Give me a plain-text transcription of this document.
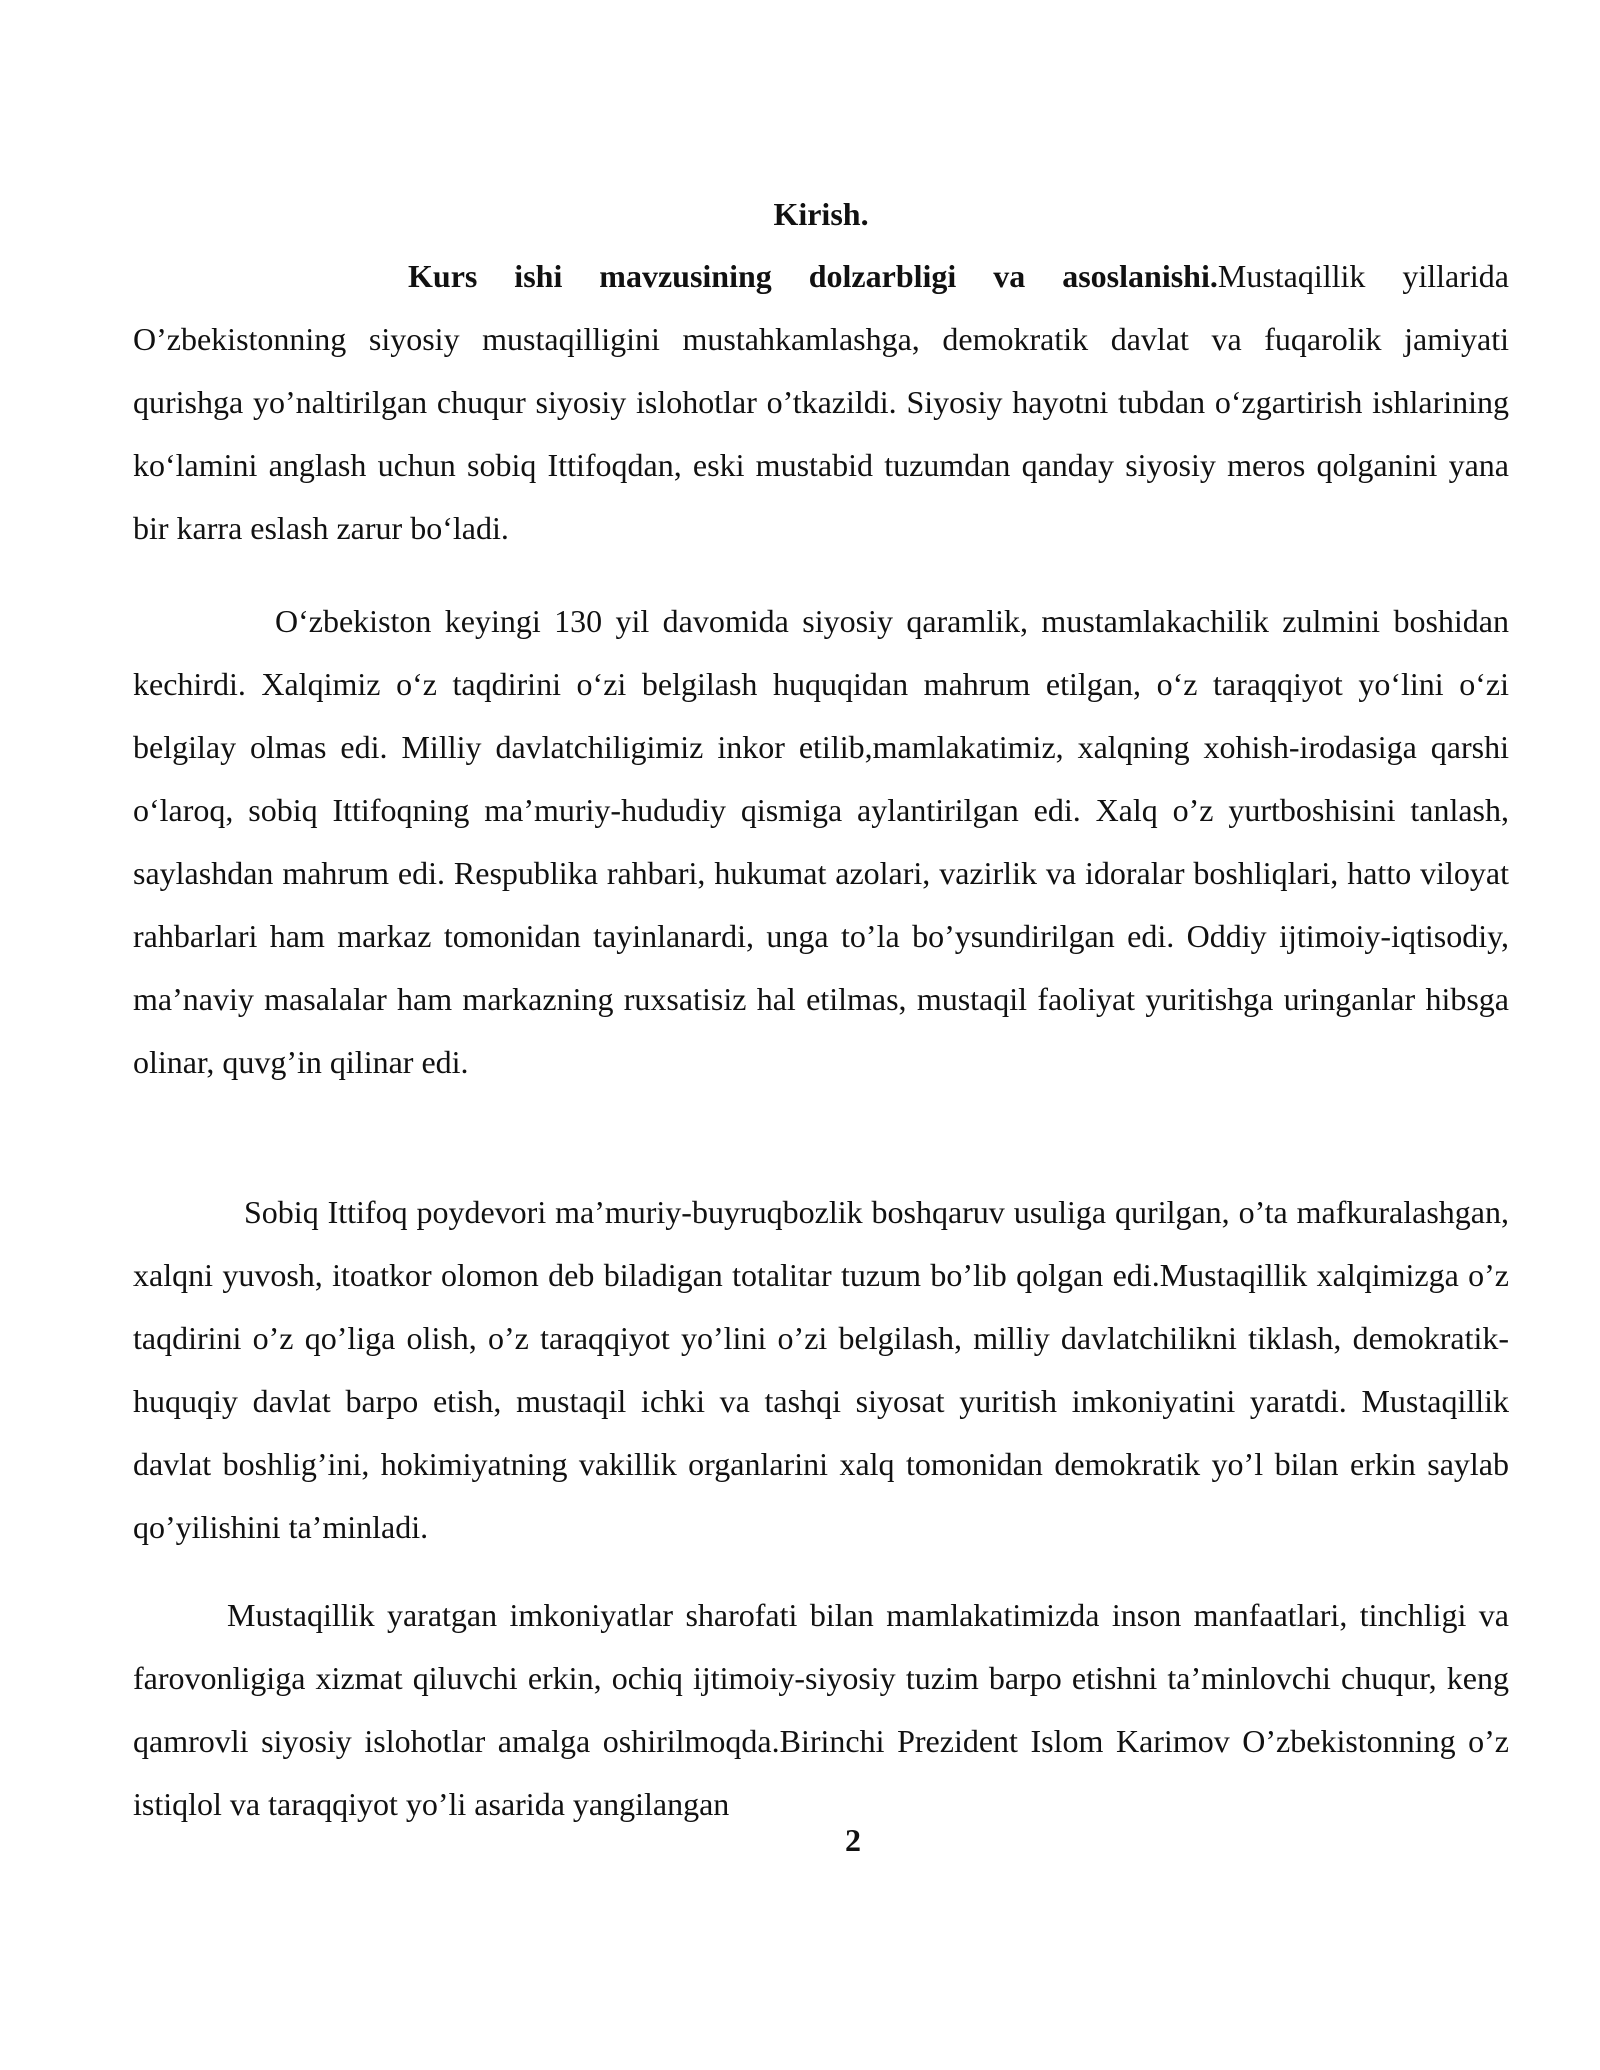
Kirish.

Kurs ishi mavzusining dolzarbligi va asoslanishi.Mustaqillik yillarida O’zbekistonning siyosiy mustaqilligini mustahkamlashga, demokratik davlat va fuqarolik jamiyati qurishga yo’naltirilgan chuqur siyosiy islohotlar o’tkazildi. Siyosiy hayotni tubdan o‘zgartirish ishlarining ko‘lamini anglash uchun sobiq Ittifoqdan, eski mustabid tuzumdan qanday siyosiy meros qolganini yana bir karra eslash zarur bo‘ladi.

O‘zbekiston keyingi 130 yil davomida siyosiy qaramlik, mustamlakachilik zulmini boshidan kechirdi. Xalqimiz o‘z taqdirini o‘zi belgilash huquqidan mahrum etilgan, o‘z taraqqiyot yo‘lini o‘zi belgilay olmas edi. Milliy davlatchiligimiz inkor etilib,mamlakatimiz, xalqning xohish-irodasiga qarshi o‘laroq, sobiq Ittifoqning ma’muriy-hududiy qismiga aylantirilgan edi. Xalq o’z yurtboshisini tanlash, saylashdan mahrum edi. Respublika rahbari, hukumat azolari, vazirlik va idoralar boshliqlari, hatto viloyat rahbarlari ham markaz tomonidan tayinlanardi, unga to’la bo’ysundirilgan edi. Oddiy ijtimoiy-iqtisodiy, ma’naviy masalalar ham markazning ruxsatisiz hal etilmas, mustaqil faoliyat yuritishga uringanlar hibsga olinar, quvg’in qilinar edi.

Sobiq Ittifoq poydevori ma’muriy-buyruqbozlik boshqaruv usuliga qurilgan, o’ta mafkuralashgan, xalqni yuvosh, itoatkor olomon deb biladigan totalitar tuzum bo’lib qolgan edi.Mustaqillik xalqimizga o’z taqdirini o’z qo’liga olish, o’z taraqqiyot yo’lini o’zi belgilash, milliy davlatchilikni tiklash, demokratik-huquqiy davlat barpo etish, mustaqil ichki va tashqi siyosat yuritish imkoniyatini yaratdi. Mustaqillik davlat boshlig’ini, hokimiyatning vakillik organlarini xalq tomonidan demokratik yo’l bilan erkin saylab qo’yilishini ta’minladi.

Mustaqillik yaratgan imkoniyatlar sharofati bilan mamlakatimizda inson manfaatlari, tinchligi va farovonligiga xizmat qiluvchi erkin, ochiq ijtimoiy-siyosiy tuzim barpo etishni ta’minlovchi chuqur, keng qamrovli siyosiy islohotlar amalga oshirilmoqda.Birinchi Prezident Islom Karimov O’zbekistonning o’z istiqlol va taraqqiyot yo’li asarida yangilangan

2
